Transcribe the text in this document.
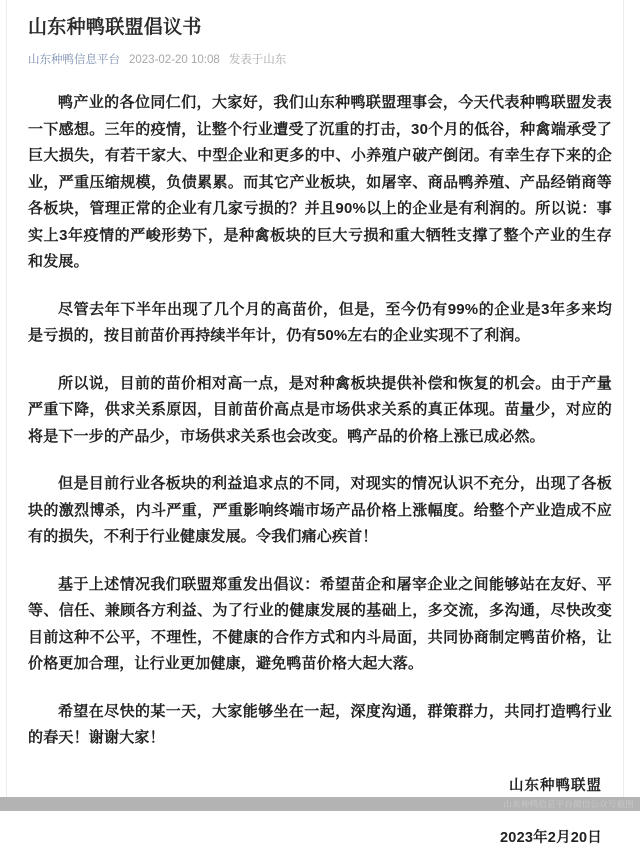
山东种鸭联盟倡议书
山东种鸭信息平台 2023-02-20 10:08 发表于山东

鸭产业的各位同仁们，大家好，我们山东种鸭联盟理事会，今天代表种鸭联盟发表一下感想。三年的疫情，让整个行业遭受了沉重的打击，30个月的低谷，种禽端承受了巨大损失，有若干家大、中型企业和更多的中、小养殖户破产倒闭。有幸生存下来的企业，严重压缩规模，负债累累。而其它产业板块，如屠宰、商品鸭养殖、产品经销商等各板块，管理正常的企业有几家亏损的？并且90%以上的企业是有利润的。所以说：事实上3年疫情的严峻形势下，是种禽板块的巨大亏损和重大牺牲支撑了整个产业的生存和发展。

尽管去年下半年出现了几个月的高苗价，但是，至今仍有99%的企业是3年多来均是亏损的，按目前苗价再持续半年计，仍有50%左右的企业实现不了利润。

所以说，目前的苗价相对高一点，是对种禽板块提供补偿和恢复的机会。由于产量严重下降，供求关系原因，目前苗价高点是市场供求关系的真正体现。苗量少，对应的将是下一步的产品少，市场供求关系也会改变。鸭产品的价格上涨已成必然。

但是目前行业各板块的利益追求点的不同，对现实的情况认识不充分，出现了各板块的激烈博杀，内斗严重，严重影响终端市场产品价格上涨幅度。给整个产业造成不应有的损失，不利于行业健康发展。令我们痛心疾首！

基于上述情况我们联盟郑重发出倡议：希望苗企和屠宰企业之间能够站在友好、平等、信任、兼顾各方利益、为了行业的健康发展的基础上，多交流，多沟通，尽快改变目前这种不公平，不理性，不健康的合作方式和内斗局面，共同协商制定鸭苗价格，让价格更加合理，让行业更加健康，避免鸭苗价格大起大落。

希望在尽快的某一天，大家能够坐在一起，深度沟通，群策群力，共同打造鸭行业的春天！谢谢大家！

山东种鸭联盟

2023年2月20日

山东种鸭信息平台微信公众号截图
